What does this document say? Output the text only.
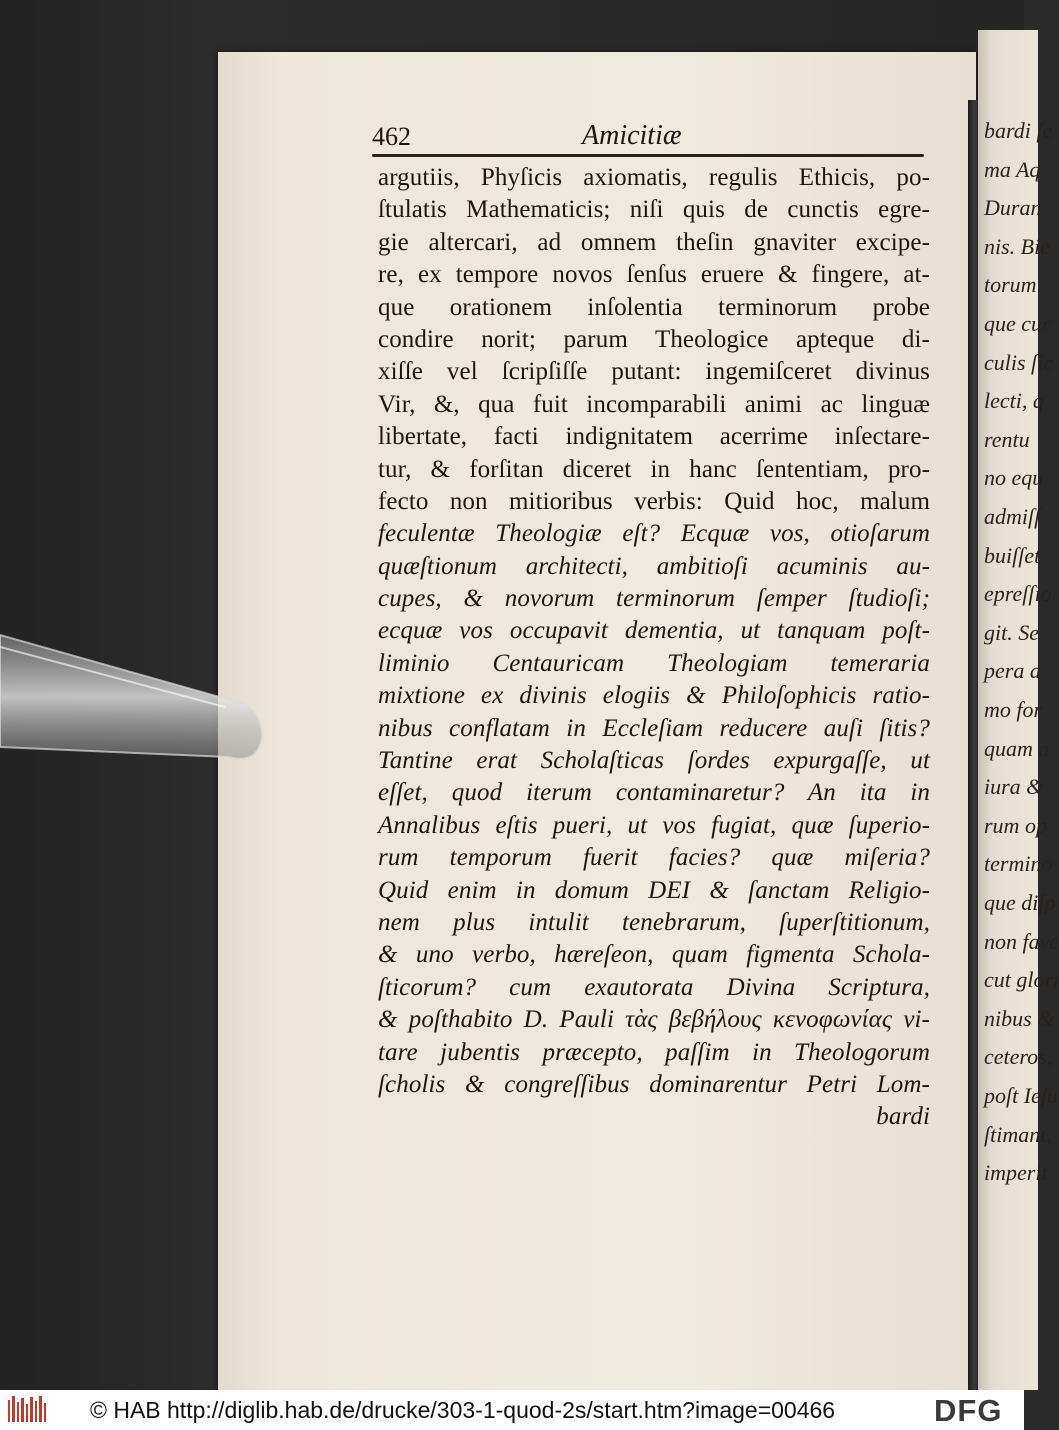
bardi ſe
ma Aq
Duran
nis. Bie
torum
que cur
culis ſic
lecti, q
rentu
no equ
admiſſ
buiſſet
epreſſio
git. Se
pera a
mo for
quam a
iura &
rum op
termino
que diſp
non fave
cut glori
nibus &
ceteros,
poſt Ieſu
ſtimant,
imperit
462	Amicitiæ
argutiis, Phyſicis axiomatis, regulis Ethicis, po-
ſtulatis Mathematicis; niſi quis de cunctis egre-
gie altercari, ad omnem theſin gnaviter excipe-
re, ex tempore novos ſenſus eruere & fingere, at-
que orationem inſolentia terminorum probe
condire norit; parum Theologice apteque di-
xiſſe vel ſcripſiſſe putant: ingemiſceret divinus
Vir, &, qua fuit incomparabili animi ac linguæ
libertate, facti indignitatem acerrime inſectare-
tur, & forſitan diceret in hanc ſententiam, pro-
fecto non mitioribus verbis: Quid hoc, malum
feculentæ Theologiæ eſt? Ecquæ vos, otioſarum
quæſtionum architecti, ambitioſi acuminis au-
cupes, & novorum terminorum ſemper ſtudioſi;
ecquæ vos occupavit dementia, ut tanquam poſt-
liminio Centauricam Theologiam temeraria
mixtione ex divinis elogiis & Philoſophicis ratio-
nibus conflatam in Eccleſiam reducere auſi ſitis?
Tantine erat Scholaſticas ſordes expurgaſſe, ut
eſſet, quod iterum contaminaretur? An ita in
Annalibus eſtis pueri, ut vos fugiat, quæ ſuperio-
rum temporum fuerit facies? quæ miſeria?
Quid enim in domum DEI & ſanctam Religio-
nem plus intulit tenebrarum, ſuperſtitionum,
& uno verbo, hæreſeon, quam figmenta Schola-
ſticorum? cum exautorata Divina Scriptura,
& poſthabito D. Pauli τὰς βεβήλους κενοφωνίας vi-
tare jubentis præcepto, paſſim in Theologorum
ſcholis & congreſſibus dominarentur Petri Lom-
bardi
© HAB http://diglib.hab.de/drucke/303-1-quod-2s/start.htm?image=00466	DFG
